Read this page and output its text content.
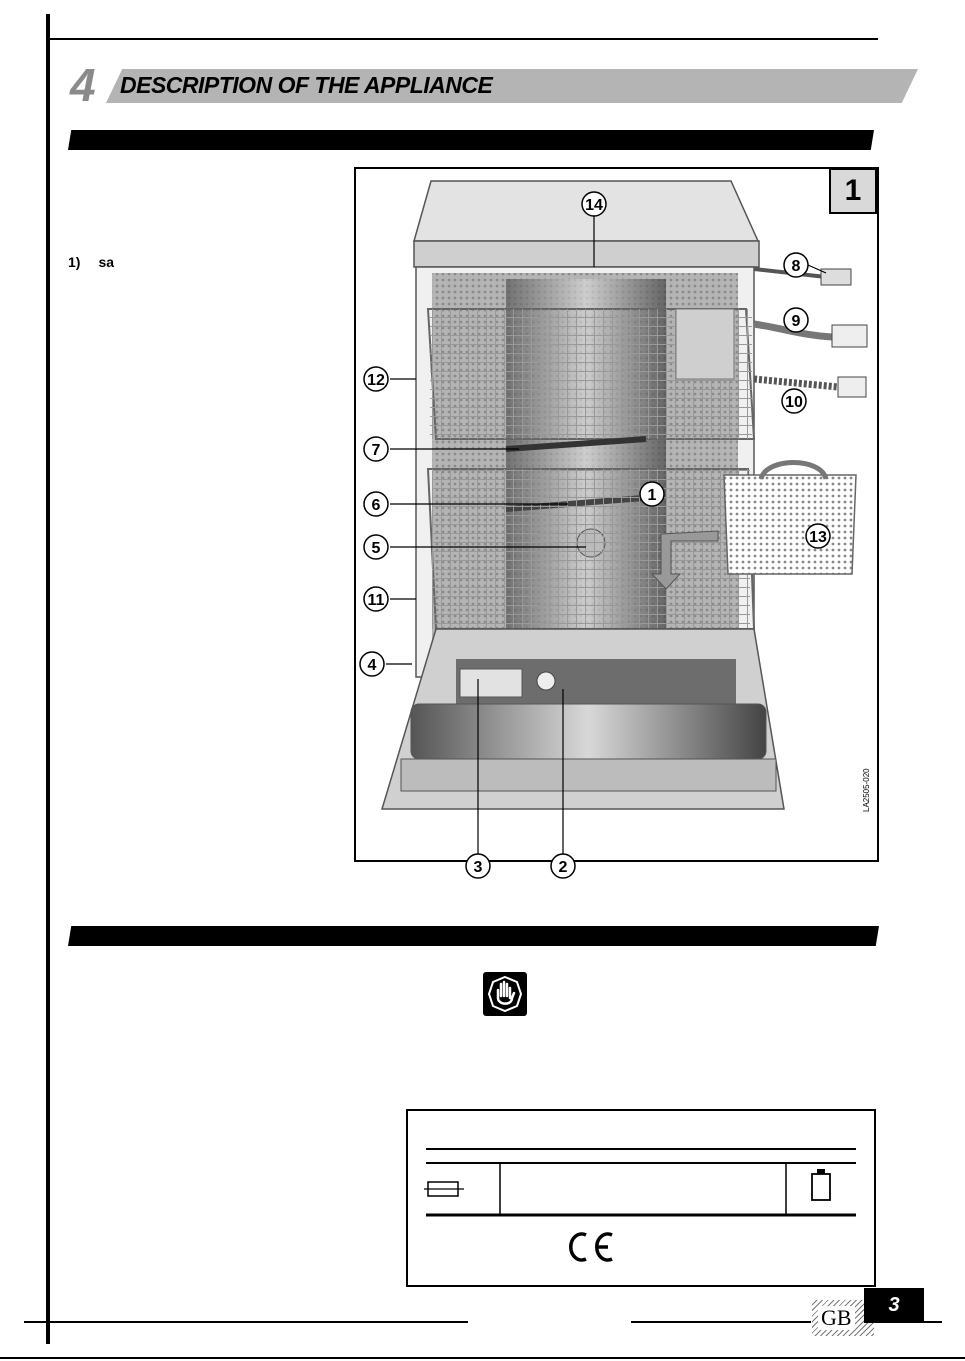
4 DESCRIPTION OF THE APPLIANCE
1) sa
14
8
9
12
10
7
1
6
13
5
11
4
3	2
1
LA2505-020
GB	3
